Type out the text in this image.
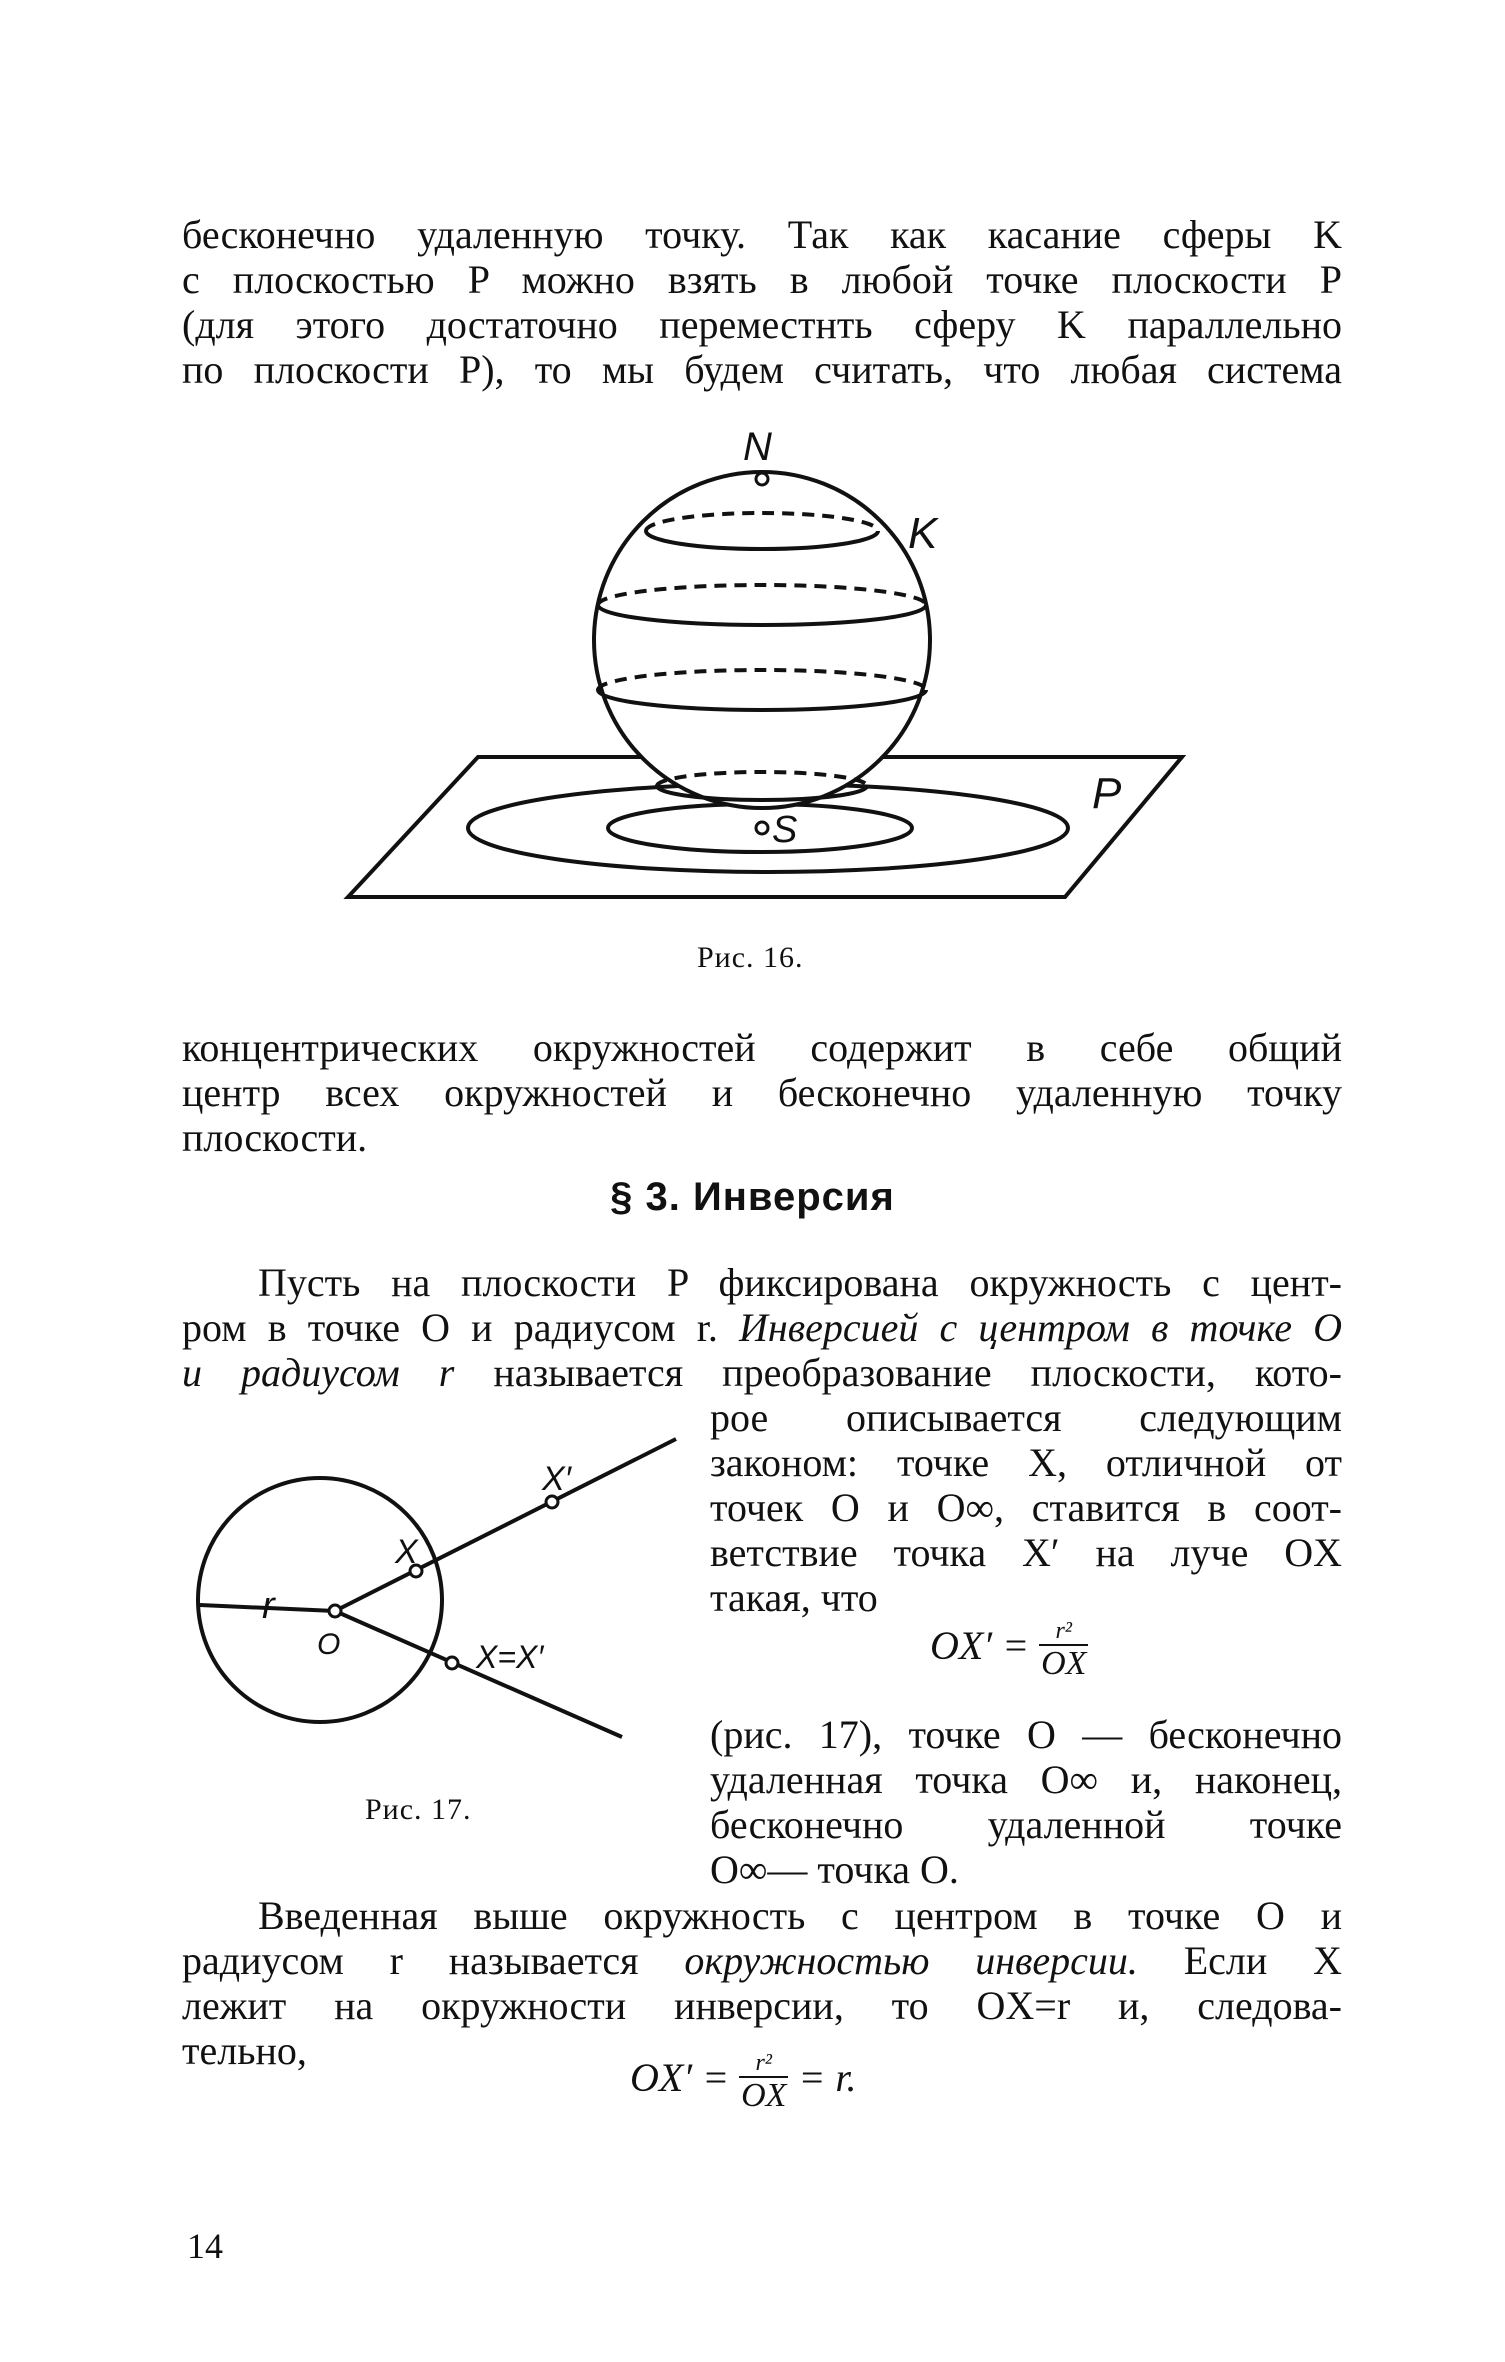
бесконечно удаленную точку. Так как касание сферы K
с плоскостью P можно взять в любой точке плоскости P
(для этого достаточно переместнть сферу K параллельно
по плоскости P), то мы будем считать, что любая система
N
K
S
P
r
O
X
X′
X=X′
Рис. 16.
концентрических окружностей содержит в себе общий
центр всех окружностей и бесконечно удаленную точку
плоскости.
§ 3. Инверсия
Пусть на плоскости P фиксирована окружность с цент-
ром в точке O и радиусом r. Инверсией с центром в точке O
и радиусом r называется преобразование плоскости, кото-
рое описывается следующим
законом: точке X, отличной от
точек O и O∞, ставится в соот-
ветствие точка X′ на луче OX
такая, что
$OX' = \frac{\text{r²}}{OX}$
(рис. 17), точке O — бесконечно
удаленная точка O∞ и, наконец,
бесконечно удаленной точке
O∞— точка O.
Рис. 17.
Введенная выше окружность с центром в точке O и
радиусом r называется окружностью инверсии. Если X
лежит на окружности инверсии, то OX=r и, следова-
тельно,
$OX' = \frac{\text{r²}}{OX} = r$.
14
